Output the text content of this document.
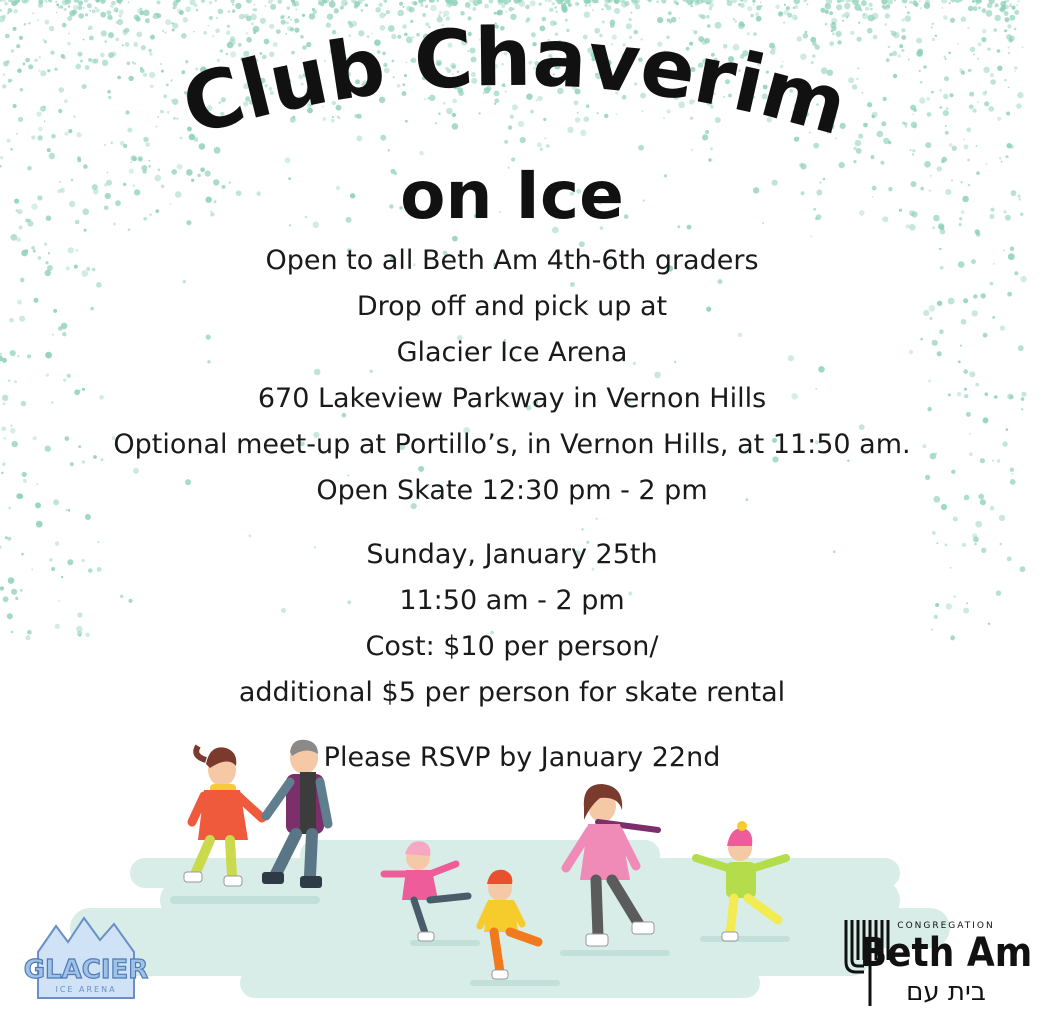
Club Chaverim
on Ice
Open to all Beth Am 4th-6th graders
Drop off and pick up at
Glacier Ice Arena
670 Lakeview Parkway in Vernon Hills
Optional meet-up at Portillo’s, in Vernon Hills, at 11:50 am.
Open Skate 12:30 pm - 2 pm
Sunday, January 25th
11:50 am - 2 pm
Cost: $10 per person/
additional $5 per person for skate rental
Please RSVP by January 22nd
GLACIER
ICE ARENA
CONGREGATION
Beth Am
בית עם
